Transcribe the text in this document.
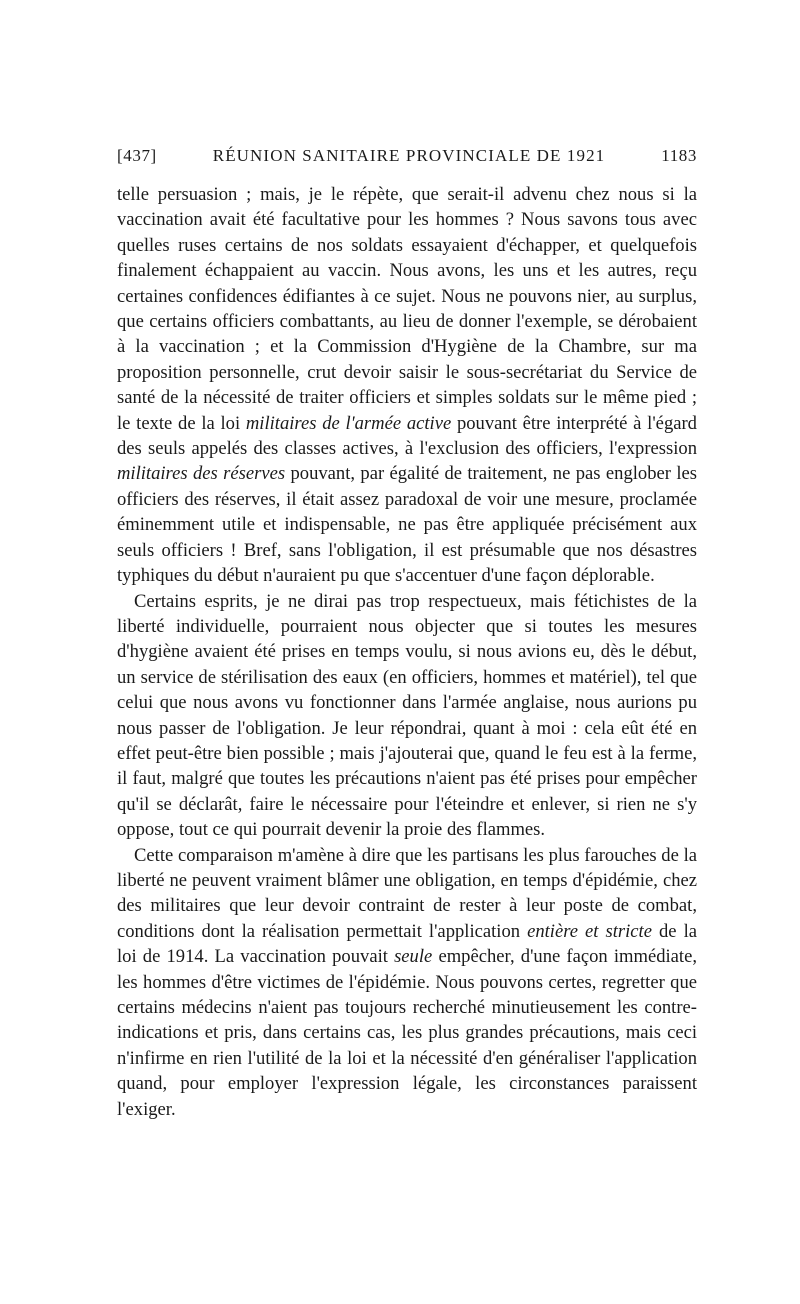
[437]	RÉUNION SANITAIRE PROVINCIALE DE 1921	1183

telle persuasion ; mais, je le répète, que serait-il advenu chez nous si la vaccination avait été facultative pour les hommes ? Nous savons tous avec quelles ruses certains de nos soldats essayaient d'échapper, et quelquefois finalement échappaient au vaccin. Nous avons, les uns et les autres, reçu certaines confidences édifiantes à ce sujet. Nous ne pouvons nier, au surplus, que certains officiers combattants, au lieu de donner l'exemple, se dérobaient à la vaccination ; et la Commission d'Hygiène de la Chambre, sur ma proposition personnelle, crut devoir saisir le sous-secrétariat du Service de santé de la nécessité de traiter officiers et simples soldats sur le même pied ; le texte de la loi militaires de l'armée active pouvant être interprété à l'égard des seuls appelés des classes actives, à l'exclusion des officiers, l'expression militaires des réserves pouvant, par égalité de traitement, ne pas englober les officiers des réserves, il était assez paradoxal de voir une mesure, proclamée éminemment utile et indispensable, ne pas être appliquée précisément aux seuls officiers ! Bref, sans l'obligation, il est présumable que nos désastres typhiques du début n'auraient pu que s'accentuer d'une façon déplorable.

Certains esprits, je ne dirai pas trop respectueux, mais fétichistes de la liberté individuelle, pourraient nous objecter que si toutes les mesures d'hygiène avaient été prises en temps voulu, si nous avions eu, dès le début, un service de stérilisation des eaux (en officiers, hommes et matériel), tel que celui que nous avons vu fonctionner dans l'armée anglaise, nous aurions pu nous passer de l'obligation. Je leur répondrai, quant à moi : cela eût été en effet peut-être bien possible ; mais j'ajouterai que, quand le feu est à la ferme, il faut, malgré que toutes les précautions n'aient pas été prises pour empêcher qu'il se déclarât, faire le nécessaire pour l'éteindre et enlever, si rien ne s'y oppose, tout ce qui pourrait devenir la proie des flammes.

Cette comparaison m'amène à dire que les partisans les plus farouches de la liberté ne peuvent vraiment blâmer une obligation, en temps d'épidémie, chez des militaires que leur devoir contraint de rester à leur poste de combat, conditions dont la réalisation permettait l'application entière et stricte de la loi de 1914. La vaccination pouvait seule empêcher, d'une façon immédiate, les hommes d'être victimes de l'épidémie. Nous pouvons certes, regretter que certains médecins n'aient pas toujours recherché minutieusement les contre-indications et pris, dans certains cas, les plus grandes précautions, mais ceci n'infirme en rien l'utilité de la loi et la nécessité d'en généraliser l'application quand, pour employer l'expression légale, les circonstances paraissent l'exiger.
